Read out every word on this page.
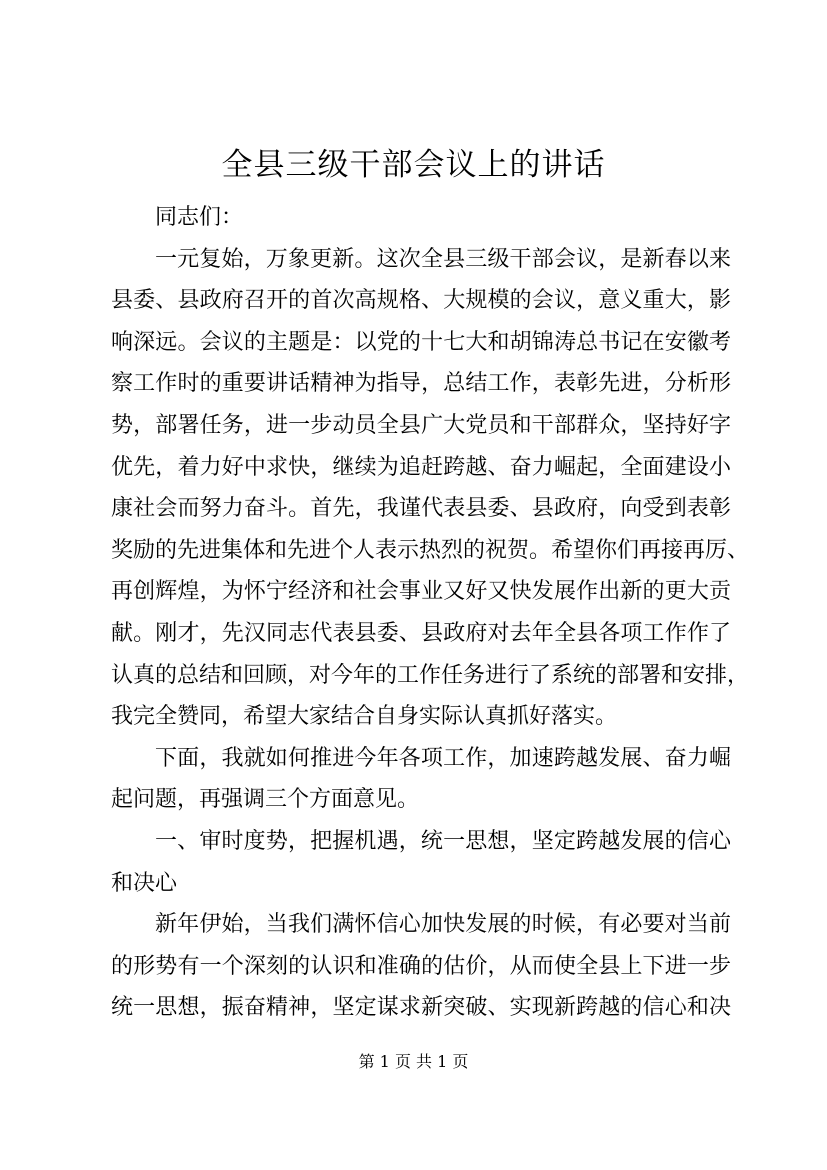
全县三级干部会议上的讲话
同志们：
一元复始，万象更新。这次全县三级干部会议，是新春以来
县委、县政府召开的首次高规格、大规模的会议，意义重大，影
响深远。会议的主题是：以党的十七大和胡锦涛总书记在安徽考
察工作时的重要讲话精神为指导，总结工作，表彰先进，分析形
势，部署任务，进一步动员全县广大党员和干部群众，坚持好字
优先，着力好中求快，继续为追赶跨越、奋力崛起，全面建设小
康社会而努力奋斗。首先，我谨代表县委、县政府，向受到表彰
奖励的先进集体和先进个人表示热烈的祝贺。希望你们再接再厉、
再创辉煌，为怀宁经济和社会事业又好又快发展作出新的更大贡
献。刚才，先汉同志代表县委、县政府对去年全县各项工作作了
认真的总结和回顾，对今年的工作任务进行了系统的部署和安排，
我完全赞同，希望大家结合自身实际认真抓好落实。
下面，我就如何推进今年各项工作，加速跨越发展、奋力崛
起问题，再强调三个方面意见。
一、审时度势，把握机遇，统一思想，坚定跨越发展的信心
和决心
新年伊始，当我们满怀信心加快发展的时候，有必要对当前
的形势有一个深刻的认识和准确的估价，从而使全县上下进一步
统一思想，振奋精神，坚定谋求新突破、实现新跨越的信心和决
第 1 页 共 1 页
